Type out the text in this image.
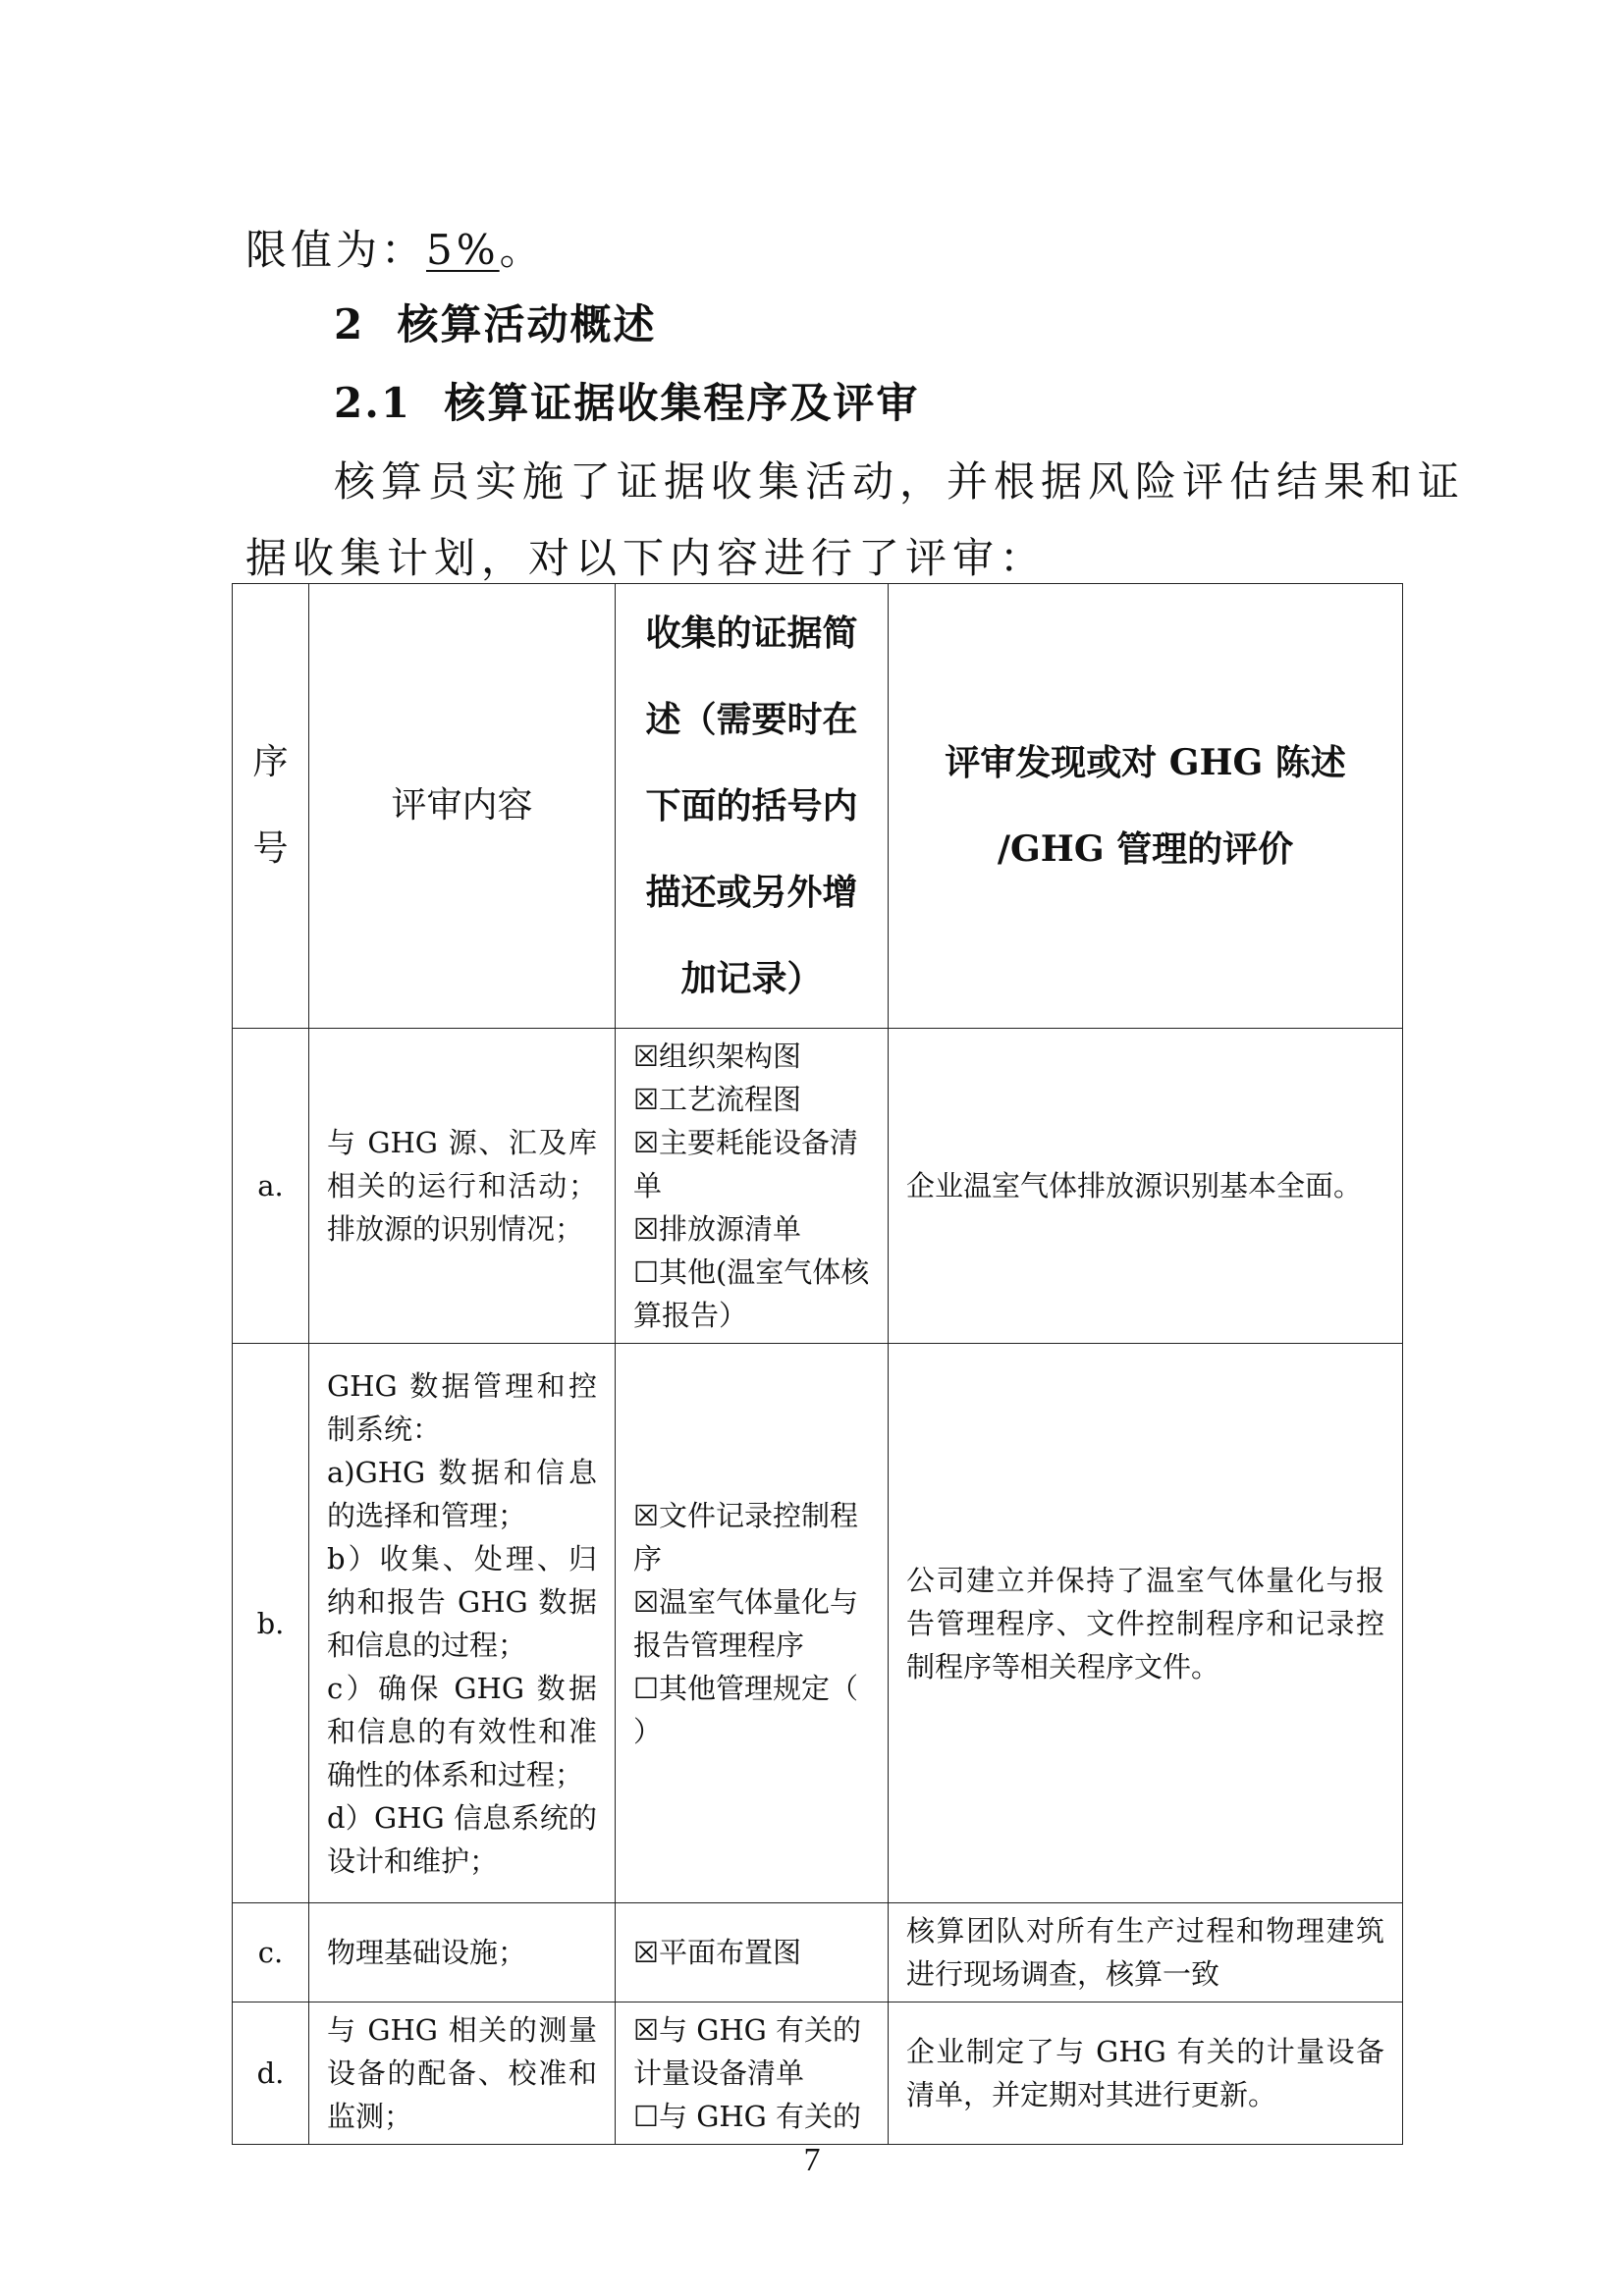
限值为：5%。
2 核算活动概述
2.1 核算证据收集程序及评审
核算员实施了证据收集活动，并根据风险评估结果和证
据收集计划，对以下内容进行了评审：
序
号	评审内容	收集的证据简
述（需要时在
下面的括号内
描还或另外增
加记录）	评审发现或对 GHG 陈述
/GHG 管理的评价

a.	与 GHG 源、汇及库相关的运行和活动；排放源的识别情况；	☒组织架构图
☒工艺流程图
☒主要耗能设备清单
☒排放源清单
☐其他(温室气体核算报告）	企业温室气体排放源识别基本全面。
b.	GHG 数据管理和控制系统：
a)GHG 数据和信息的选择和管理；
b）收集、处理、归纳和报告 GHG 数据和信息的过程；
c）确保 GHG 数据和信息的有效性和准确性的体系和过程；
d）GHG 信息系统的设计和维护；	☒文件记录控制程序
☒温室气体量化与报告管理程序
☐其他管理规定（ ）	公司建立并保持了温室气体量化与报告管理程序、文件控制程序和记录控制程序等相关程序文件。
c.	物理基础设施；	☒平面布置图	核算团队对所有生产过程和物理建筑进行现场调查，核算一致
d.	与 GHG 相关的测量设备的配备、校准和监测；	☒与 GHG 有关的计量设备清单
☐与 GHG 有关的	企业制定了与 GHG 有关的计量设备清单，并定期对其进行更新。
7
